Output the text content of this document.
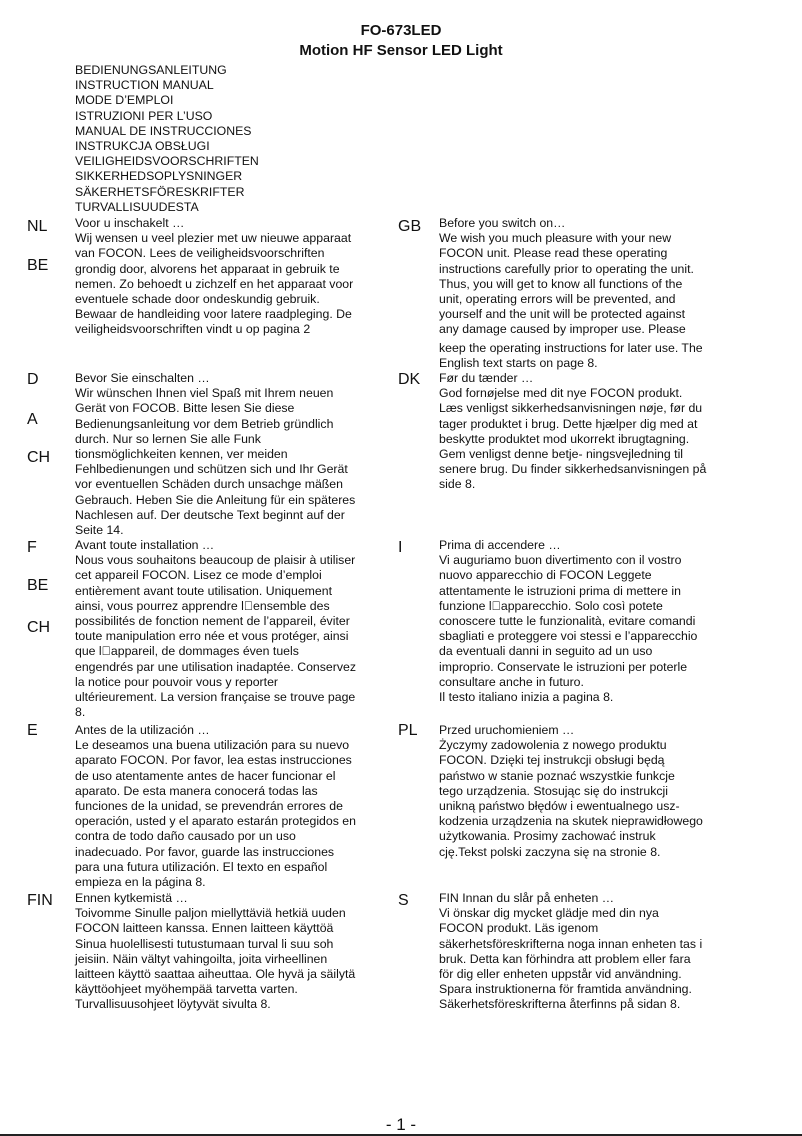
FO-673LED
Motion HF Sensor LED Light
BEDIENUNGSANLEITUNG
INSTRUCTION MANUAL
MODE D’EMPLOI
ISTRUZIONI PER L’USO
MANUAL DE INSTRUCCIONES
INSTRUKCJA OBSŁUGI
VEILIGHEIDSVOORSCHRIFTEN
SIKKERHEDSOPLYSNINGER
SÄKERHETSFÖRESKRIFTER
TURVALLISUUDESTA
NL
BE
Voor u inschakelt …
Wij wensen u veel plezier met uw nieuwe apparaat
van FOCON. Lees de veiligheidsvoorschriften
grondig door, alvorens het apparaat in gebruik te
nemen. Zo behoedt u zichzelf en het apparaat voor
eventuele schade door ondeskundig gebruik.
Bewaar de handleiding voor latere raadpleging. De
veiligheidsvoorschriften vindt u op pagina 2
GB Before you switch on…
We wish you much pleasure with your new
FOCON unit. Please read these operating
instructions carefully prior to operating the unit.
Thus, you will get to know all functions of the
unit, operating errors will be prevented, and
yourself and the unit will be protected against
any damage caused by improper use. Please
keep the operating instructions for later use. The
English text starts on page 8.
D
A
CH
Bevor Sie einschalten …
Wir wünschen Ihnen viel Spaß mit Ihrem neuen
Gerät von FOCOB. Bitte lesen Sie diese
Bedienungsanleitung vor dem Betrieb gründlich
durch. Nur so lernen Sie alle Funk
tionsmöglichkeiten kennen, ver meiden
Fehlbedienungen und schützen sich und Ihr Gerät
vor eventuellen Schäden durch unsachge mäßen
Gebrauch. Heben Sie die Anleitung für ein späteres
Nachlesen auf. Der deutsche Text beginnt auf der
Seite 14.
DK Før du tænder …
God fornøjelse med dit nye FOCON produkt.
Læs venligst sikkerhedsanvisningen nøje, før du
tager produktet i brug. Dette hjælper dig med at
beskytte produktet mod ukorrekt ibrugtagning.
Gem venligst denne betje- ningsvejledning til
senere brug. Du finder sikkerhedsanvisningen på
side 8.
F
BE
CH
Avant toute installation …
Nous vous souhaitons beaucoup de plaisir à utiliser
cet appareil FOCON. Lisez ce mode d’emploi
entièrement avant toute utilisation. Uniquement
ainsi, vous pourrez apprendre l ensemble des
possibilités de fonction nement de l’appareil, éviter
toute manipulation erro née et vous protéger, ainsi
que l appareil, de dommages éven tuels
engendrés par une utilisation inadaptée. Conservez
la notice pour pouvoir vous y reporter
ultérieurement. La version française se trouve page
8.
I	Prima di accendere …
Vi auguriamo buon divertimento con il vostro
nuovo apparecchio di FOCON Leggete
attentamente le istruzioni prima di mettere in
funzione l apparecchio. Solo così potete
conoscere tutte le funzionalità, evitare comandi
sbagliati e proteggere voi stessi e l’apparecchio
da eventuali danni in seguito ad un uso
improprio. Conservate le istruzioni per poterle
consultare anche in futuro.
Il testo italiano inizia a pagina 8.
E	Antes de la utilización …
Le deseamos una buena utilización para su nuevo
aparato FOCON. Por favor, lea estas instrucciones
de uso atentamente antes de hacer funcionar el
aparato. De esta manera conocerá todas las
funciones de la unidad, se prevendrán errores de
operación, usted y el aparato estarán protegidos en
contra de todo daño causado por un uso
inadecuado. Por favor, guarde las instrucciones
para una futura utilización. El texto en español
empieza en la página 8.
PL Przed uruchomieniem …
Życzymy zadowolenia z nowego produktu
FOCON. Dzięki tej instrukcji obsługi będą
państwo w stanie poznać wszystkie funkcje
tego urządzenia. Stosując się do instrukcji
unikną państwo błędów i ewentualnego usz-
kodzenia urządzenia na skutek nieprawidłowego
użytkowania. Prosimy zachować instruk
cję.Tekst polski zaczyna się na stronie 8.
FIN Ennen kytkemistä …
Toivomme Sinulle paljon miellyttäviä hetkiä uuden
FOCON laitteen kanssa. Ennen laitteen käyttöä
Sinua huolellisesti tutustumaan turval li suu soh
jeisiin. Näin vältyt vahingoilta, joita virheellinen
laitteen käyttö saattaa aiheuttaa. Ole hyvä ja säilytä
käyttöohjeet myöhempää tarvetta varten.
Turvallisuusohjeet löytyvät sivulta 8.
S FIN Innan du slår på enheten …
Vi önskar dig mycket glädje med din nya
FOCON produkt. Läs igenom
säkerhetsföreskrifterna noga innan enheten tas i
bruk. Detta kan förhindra att problem eller fara
för dig eller enheten uppstår vid användning.
Spara instruktionerna för framtida användning.
Säkerhetsföreskrifterna återfinns på sidan 8.
- 1 -
